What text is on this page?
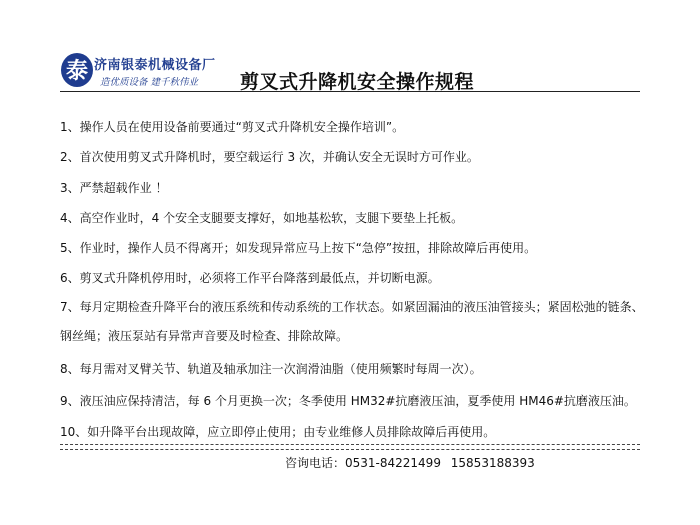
泰 济南银泰机械设备厂
造优质设备 建千秋伟业 剪叉式升降机安全操作规程
1、操作人员在使用设备前要通过“剪叉式升降机安全操作培训”。
2、首次使用剪叉式升降机时，要空载运行 3 次，并确认安全无误时方可作业。
3、严禁超载作业 ！
4、高空作业时，4 个安全支腿要支撑好，如地基松软，支腿下要垫上托板。
5、作业时，操作人员不得离开；如发现异常应马上按下“急停”按扭，排除故障后再使用。
6、剪叉式升降机停用时，必须将工作平台降落到最低点，并切断电源。
7、每月定期检查升降平台的液压系统和传动系统的工作状态。如紧固漏油的液压油管接头；紧固松弛的链条、钢丝绳；液压泵站有异常声音要及时检查、排除故障。
8、每月需对叉臂关节、轨道及轴承加注一次润滑油脂（使用频繁时每周一次）。
9、液压油应保持清洁，每 6 个月更换一次；冬季使用 HM32#抗磨液压油，夏季使用 HM46#抗磨液压油。
10、如升降平台出现故障，应立即停止使用；由专业维修人员排除故障后再使用。
咨询电话：0531-84221499 15853188393
